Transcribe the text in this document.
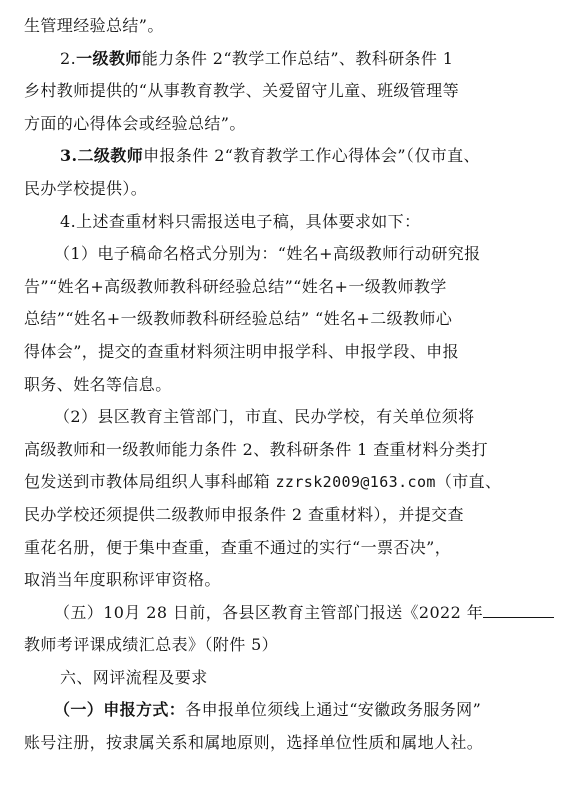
生管理经验总结”。
2.一级教师能力条件 2“教学工作总结”、教科研条件 1
乡村教师提供的“从事教育教学、关爱留守儿童、班级管理等
方面的心得体会或经验总结”。
3.二级教师申报条件 2“教育教学工作心得体会”（仅市直、
民办学校提供）。
4.上述查重材料只需报送电子稿，具体要求如下：
（1）电子稿命名格式分别为：“姓名+高级教师行动研究报
告”“姓名+高级教师教科研经验总结”“姓名+一级教师教学
总结”“姓名+一级教师教科研经验总结” “姓名+二级教师心
得体会”，提交的查重材料须注明申报学科、申报学段、申报
职务、姓名等信息。
（2）县区教育主管部门，市直、民办学校，有关单位须将
高级教师和一级教师能力条件 2、教科研条件 1 查重材料分类打
包发送到市教体局组织人事科邮箱 zzrsk2009@163.com（市直、
民办学校还须提供二级教师申报条件 2 查重材料），并提交查
重花名册，便于集中查重，查重不通过的实行“一票否决”，
取消当年度职称评审资格。
（五）10月 28 日前，各县区教育主管部门报送《2022 年
教师考评课成绩汇总表》（附件 5）
六、网评流程及要求
（一）申报方式：各申报单位须线上通过“安徽政务服务网”
账号注册，按隶属关系和属地原则，选择单位性质和属地人社。
